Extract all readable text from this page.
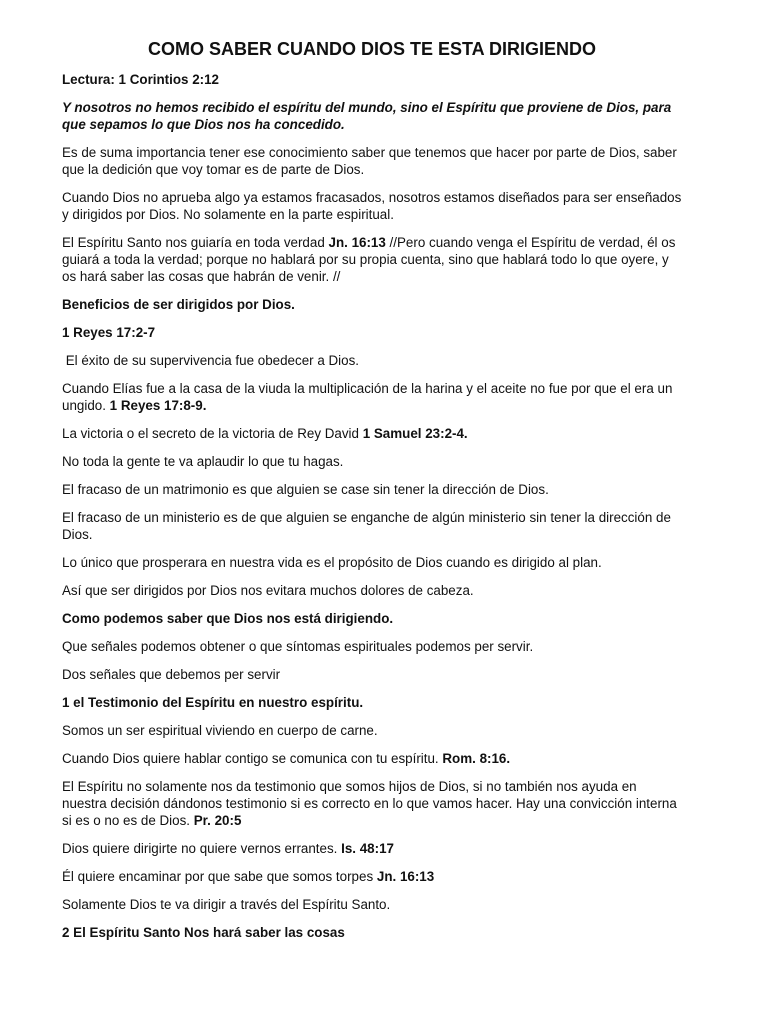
COMO SABER CUANDO DIOS TE ESTA DIRIGIENDO
Lectura: 1 Corintios 2:12
Y nosotros no hemos recibido el espíritu del mundo, sino el Espíritu que proviene de Dios, para que sepamos lo que Dios nos ha concedido.
Es de suma importancia tener ese conocimiento saber que tenemos que hacer por parte de Dios, saber que la dedición que voy tomar es de parte de Dios.
Cuando Dios no aprueba algo ya estamos fracasados, nosotros estamos diseñados para ser enseñados y dirigidos por Dios. No solamente en la parte espiritual.
El Espíritu Santo nos guiaría en toda verdad Jn. 16:13 //Pero cuando venga el Espíritu de verdad, él os guiará a toda la verdad; porque no hablará por su propia cuenta, sino que hablará todo lo que oyere, y os hará saber las cosas que habrán de venir. //
Beneficios de ser dirigidos por Dios.
1 Reyes 17:2-7
El éxito de su supervivencia fue obedecer a Dios.
Cuando Elías fue a la casa de la viuda la multiplicación de la harina y el aceite no fue por que el era un ungido. 1 Reyes 17:8-9.
La victoria o el secreto de la victoria de Rey David 1 Samuel 23:2-4.
No toda la gente te va aplaudir lo que tu hagas.
El fracaso de un matrimonio es que alguien se case sin tener la dirección de Dios.
El fracaso de un ministerio es de que alguien se enganche de algún ministerio sin tener la dirección de Dios.
Lo único que prosperara en nuestra vida es el propósito de Dios cuando es dirigido al plan.
Así que ser dirigidos por Dios nos evitara muchos dolores de cabeza.
Como podemos saber que Dios nos está dirigiendo.
Que señales podemos obtener o que síntomas espirituales podemos per servir.
Dos señales que debemos per servir
1 el Testimonio del Espíritu en nuestro espíritu.
Somos un ser espiritual viviendo en cuerpo de carne.
Cuando Dios quiere hablar contigo se comunica con tu espíritu. Rom. 8:16.
El Espíritu no solamente nos da testimonio que somos hijos de Dios, si no también nos ayuda en nuestra decisión dándonos testimonio si es correcto en lo que vamos hacer. Hay una convicción interna si es o no es de Dios. Pr. 20:5
Dios quiere dirigirte no quiere vernos errantes. Is. 48:17
Él quiere encaminar por que sabe que somos torpes Jn. 16:13
Solamente Dios te va dirigir a través del Espíritu Santo.
2 El Espíritu Santo Nos hará saber las cosas
